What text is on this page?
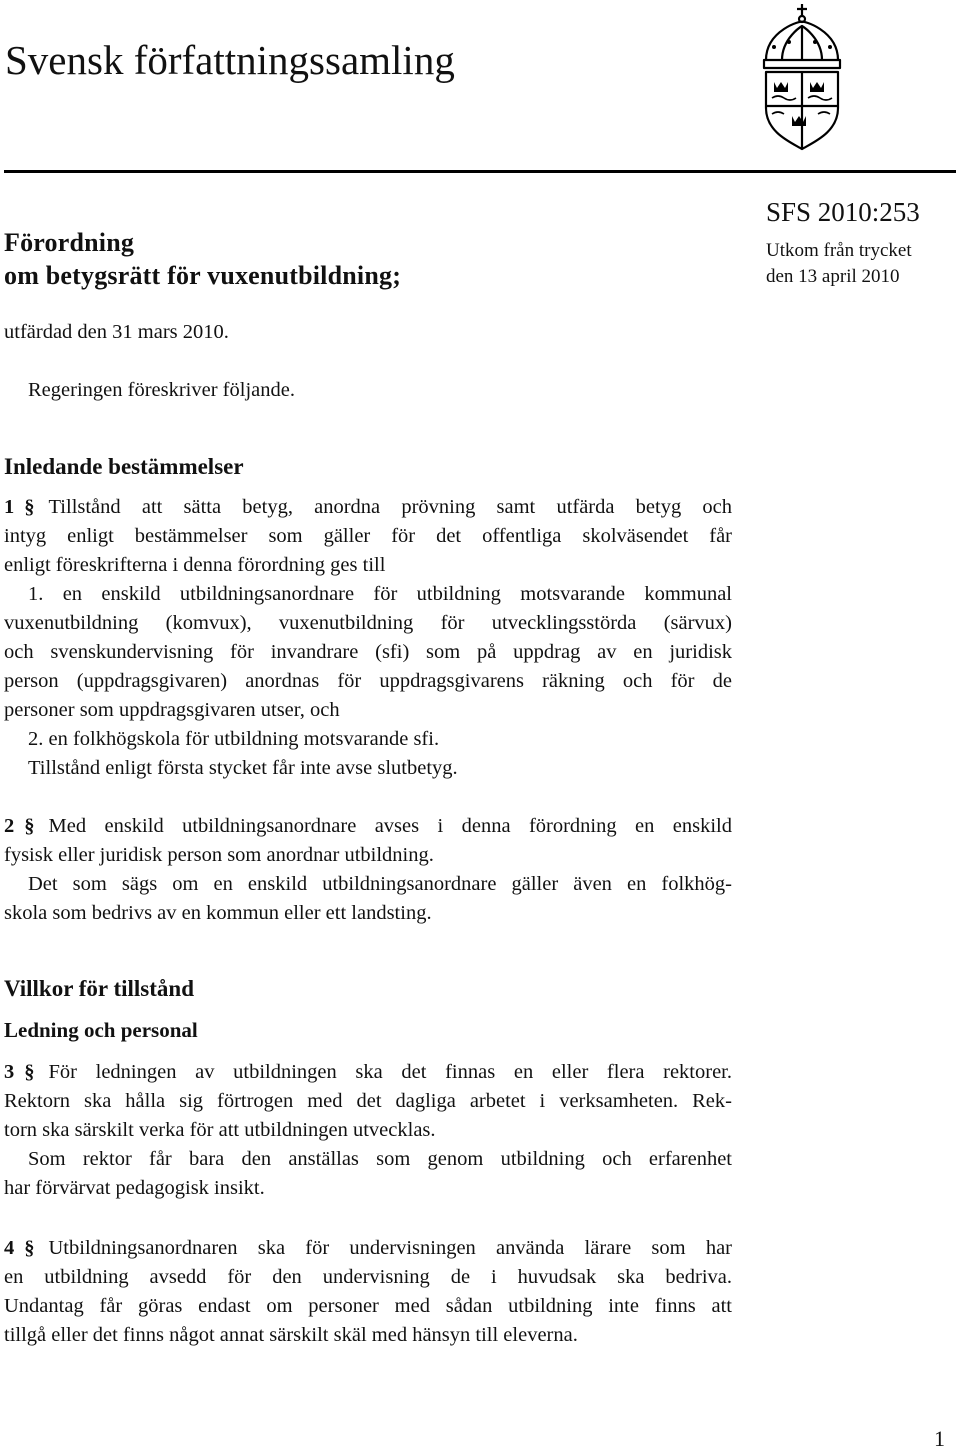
Svensk författningssamling
SFS 2010:253
Utkom från trycket
den 13 april 2010
Förordning
om betygsrätt för vuxenutbildning;
utfärdad den 31 mars 2010.
Regeringen föreskriver följande.
Inledande bestämmelser
1 § Tillstånd att sätta betyg, anordna prövning samt utfärda betyg och
intyg enligt bestämmelser som gäller för det offentliga skolväsendet får
enligt föreskrifterna i denna förordning ges till
1. en enskild utbildningsanordnare för utbildning motsvarande kommunal
vuxenutbildning (komvux), vuxenutbildning för utvecklingsstörda (särvux)
och svenskundervisning för invandrare (sfi) som på uppdrag av en juridisk
person (uppdragsgivaren) anordnas för uppdragsgivarens räkning och för de
personer som uppdragsgivaren utser, och
2. en folkhögskola för utbildning motsvarande sfi.
Tillstånd enligt första stycket får inte avse slutbetyg.
2 § Med enskild utbildningsanordnare avses i denna förordning en enskild
fysisk eller juridisk person som anordnar utbildning.
Det som sägs om en enskild utbildningsanordnare gäller även en folkhög-
skola som bedrivs av en kommun eller ett landsting.
Villkor för tillstånd
Ledning och personal
3 § För ledningen av utbildningen ska det finnas en eller flera rektorer.
Rektorn ska hålla sig förtrogen med det dagliga arbetet i verksamheten. Rek-
torn ska särskilt verka för att utbildningen utvecklas.
Som rektor får bara den anställas som genom utbildning och erfarenhet
har förvärvat pedagogisk insikt.
4 § Utbildningsanordnaren ska för undervisningen använda lärare som har
en utbildning avsedd för den undervisning de i huvudsak ska bedriva.
Undantag får göras endast om personer med sådan utbildning inte finns att
tillgå eller det finns något annat särskilt skäl med hänsyn till eleverna.
1
